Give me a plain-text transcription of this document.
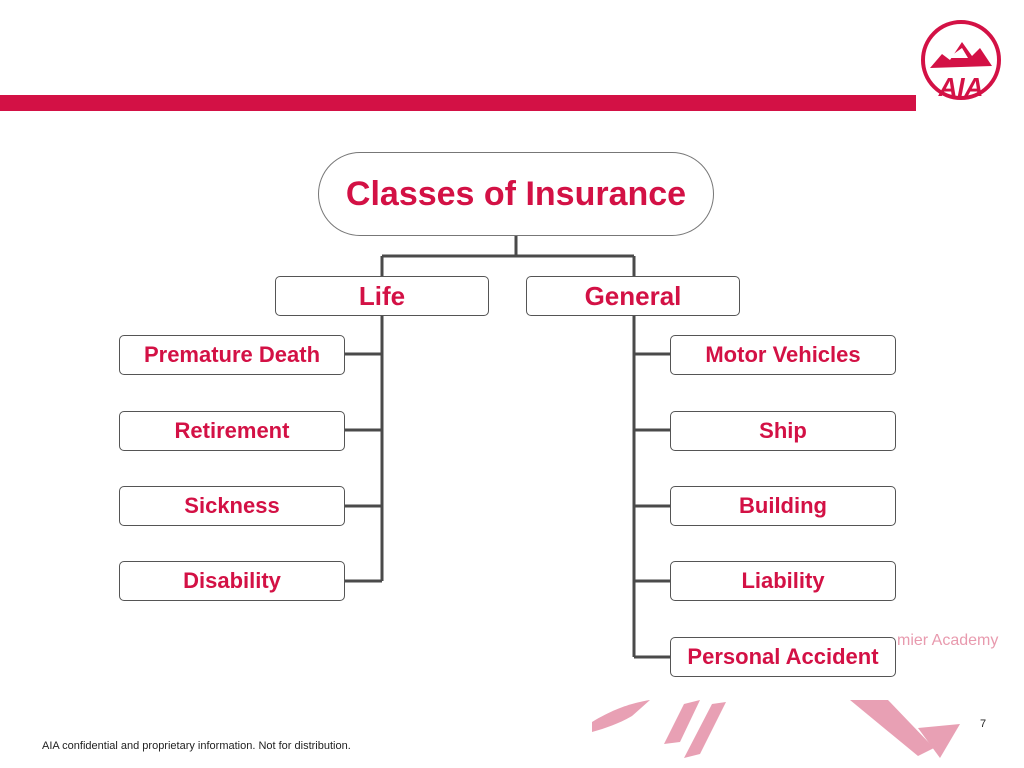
AIA
Classes of Insurance
Life	General
Premature Death
Retirement
Sickness
Disability
Motor Vehicles
Ship
Building
Liability
mier Academy
Personal Accident
7
AIA confidential and proprietary information. Not for distribution.
